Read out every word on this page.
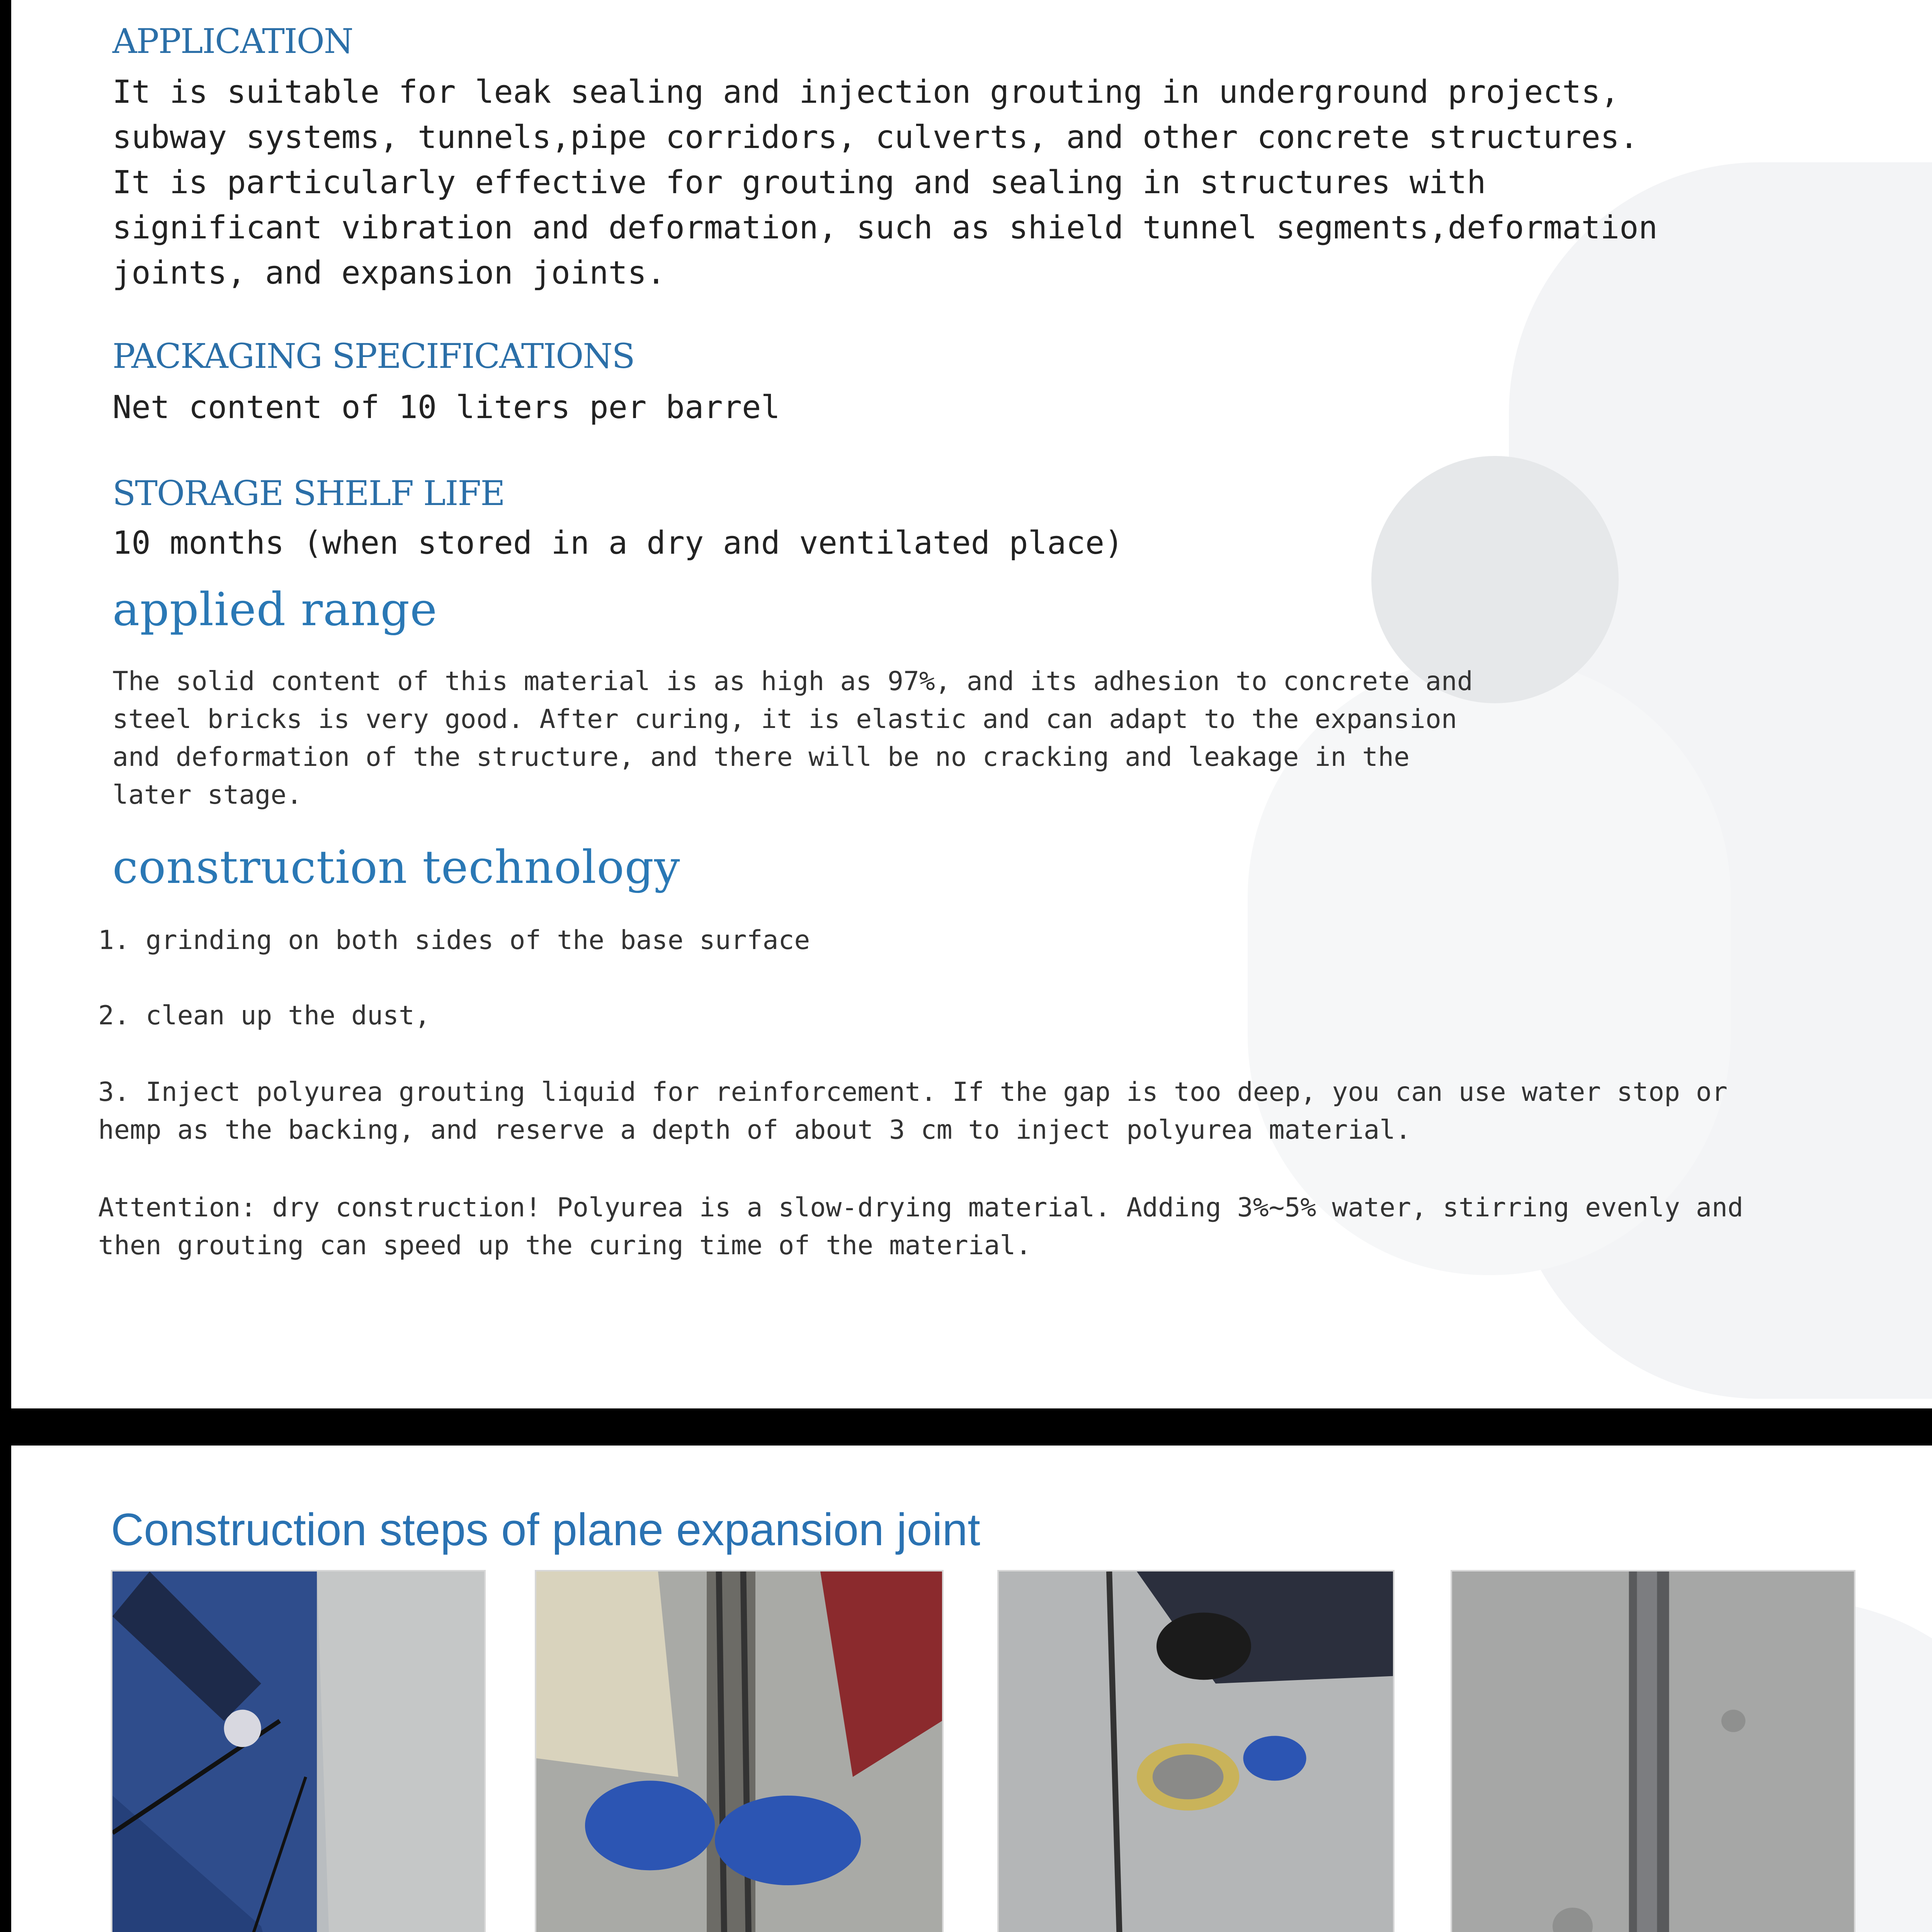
APPLICATION

It is suitable for leak sealing and injection grouting in underground projects,
subway systems, tunnels,pipe corridors, culverts, and other concrete structures.
It is particularly effective for grouting and sealing in structures with
significant vibration and deformation, such as shield tunnel segments,deformation
joints, and expansion joints.

PACKAGING SPECIFICATIONS

Net content of 10 liters per barrel

STORAGE SHELF LIFE

10 months (when stored in a dry and ventilated place)

applied range

The solid content of this material is as high as 97%, and its adhesion to concrete and
steel bricks is very good. After curing, it is elastic and can adapt to the expansion
and deformation of the structure, and there will be no cracking and leakage in the
later stage.

construction technology

1. grinding on both sides of the base surface

2. clean up the dust,

3. Inject polyurea grouting liquid for reinforcement. If the gap is too deep, you can use water stop or
hemp as the backing, and reserve a depth of about 3 cm to inject polyurea material.

Attention: dry construction! Polyurea is a slow-drying material. Adding 3%~5% water, stirring evenly and
then grouting can speed up the curing time of the material.

Construction steps of plane expansion joint
